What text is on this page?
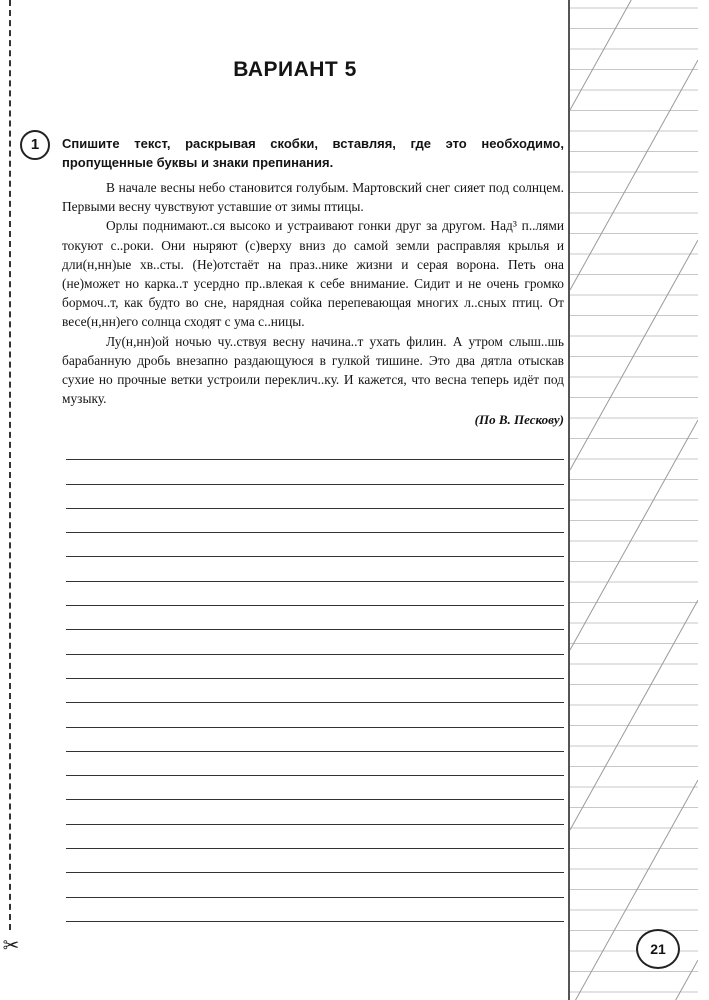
✂
ВАРИАНТ 5
1	Спишите текст, раскрывая скобки, вставляя, где это необходимо, пропущенные буквы и знаки препинания.

В начале весны небо становится голубым. Мартовский снег сияет под солнцем. Первыми весну чувствуют уставшие от зимы птицы.

Орлы поднимают..ся высоко и устраивают гонки друг за другом. Над³ п..лями токуют с..роки. Они ныряют (с)верху вниз до самой земли расправляя крылья и дли(н,нн)ые хв..сты. (Не)отстаёт на праз..нике жизни и серая ворона. Петь она (не)может но карка..т усердно пр..влекая к себе внимание. Сидит и не очень громко бормоч..т, как будто во сне, нарядная сойка перепевающая многих л..сных птиц. От весе(н,нн)его солнца сходят с ума с..ницы.

Лу(н,нн)ой ночью чу..ствуя весну начина..т ухать филин. А утром слыш..шь барабанную дробь внезапно раздающуюся в гулкой тишине. Это два дятла отыскав сухие но прочные ветки устроили переклич..ку. И кажется, что весна теперь идёт под музыку.

(По В. Пескову)
21
